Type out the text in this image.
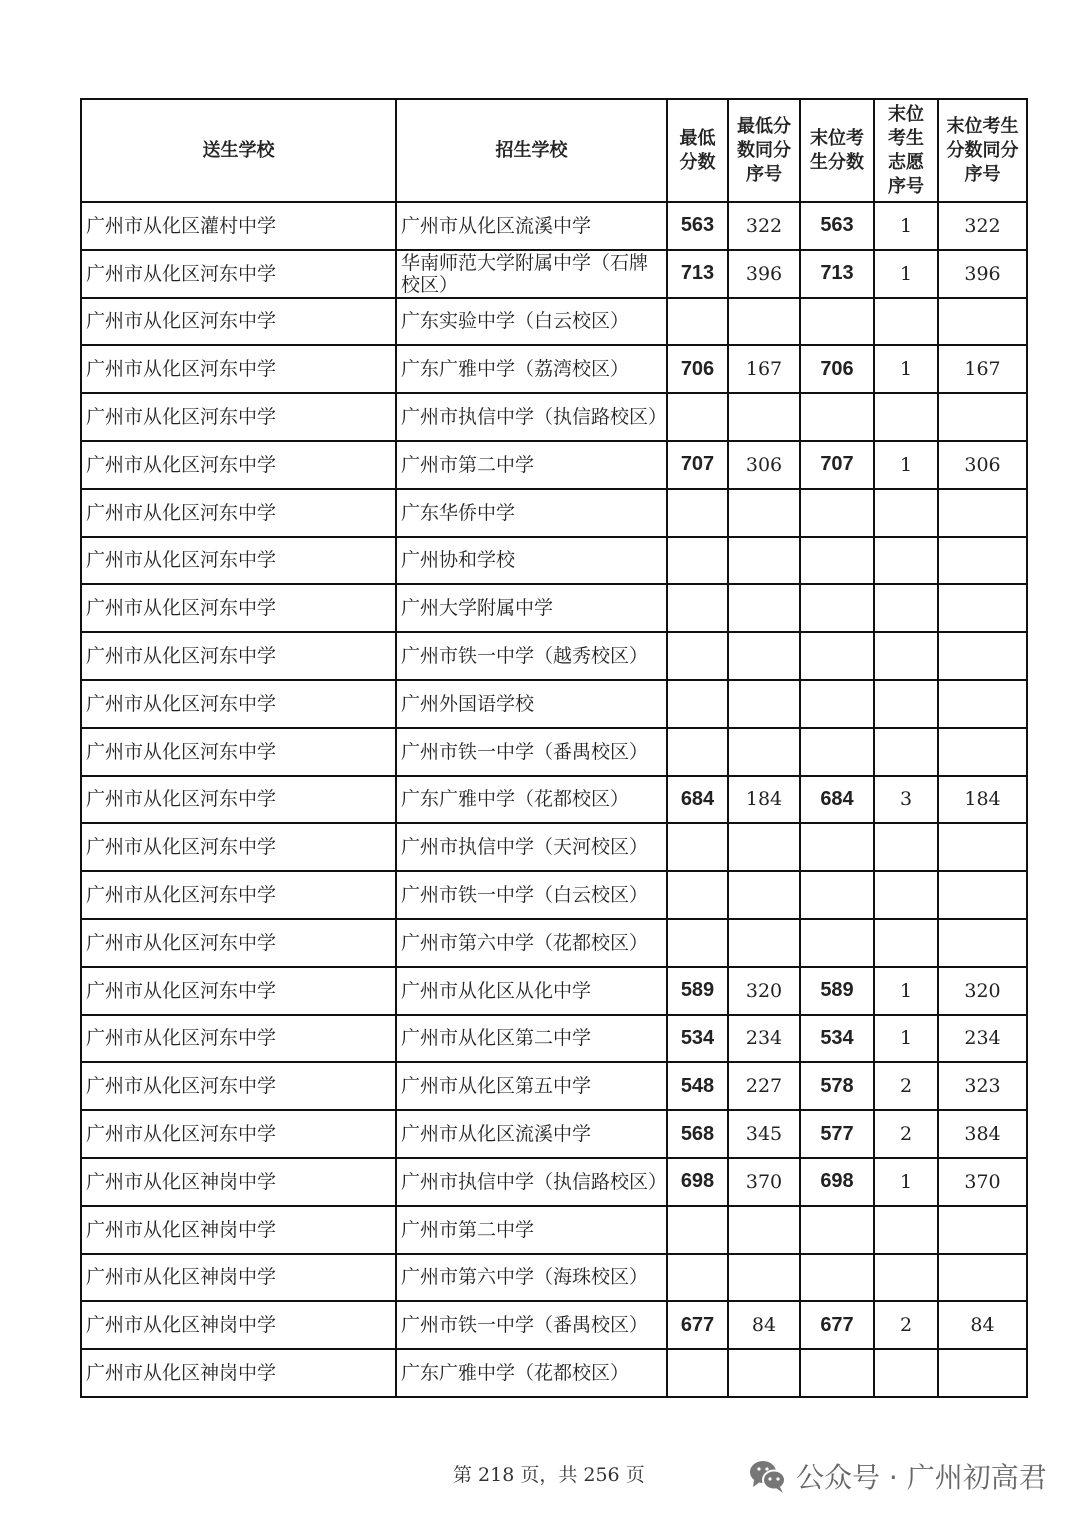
送生学校	招生学校	最低分数	最低分数同分序号	末位考生分数	末位考生志愿序号	末位考生分数同分序号
广州市从化区灌村中学	广州市从化区流溪中学	563	322	563	1	322
广州市从化区河东中学	华南师范大学附属中学（石牌校区）	713	396	713	1	396
广州市从化区河东中学	广东实验中学（白云校区）					
广州市从化区河东中学	广东广雅中学（荔湾校区）	706	167	706	1	167
广州市从化区河东中学	广州市执信中学（执信路校区）					
广州市从化区河东中学	广州市第二中学	707	306	707	1	306
广州市从化区河东中学	广东华侨中学					
广州市从化区河东中学	广州协和学校					
广州市从化区河东中学	广州大学附属中学					
广州市从化区河东中学	广州市铁一中学（越秀校区）					
广州市从化区河东中学	广州外国语学校					
广州市从化区河东中学	广州市铁一中学（番禺校区）					
广州市从化区河东中学	广东广雅中学（花都校区）	684	184	684	3	184
广州市从化区河东中学	广州市执信中学（天河校区）					
广州市从化区河东中学	广州市铁一中学（白云校区）					
广州市从化区河东中学	广州市第六中学（花都校区）					
广州市从化区河东中学	广州市从化区从化中学	589	320	589	1	320
广州市从化区河东中学	广州市从化区第二中学	534	234	534	1	234
广州市从化区河东中学	广州市从化区第五中学	548	227	578	2	323
广州市从化区河东中学	广州市从化区流溪中学	568	345	577	2	384
广州市从化区神岗中学	广州市执信中学（执信路校区）	698	370	698	1	370
广州市从化区神岗中学	广州市第二中学					
广州市从化区神岗中学	广州市第六中学（海珠校区）					
广州市从化区神岗中学	广州市铁一中学（番禺校区）	677	84	677	2	84
广州市从化区神岗中学	广东广雅中学（花都校区）					
第 218 页，共 256 页	公众号 · 广州初高君
